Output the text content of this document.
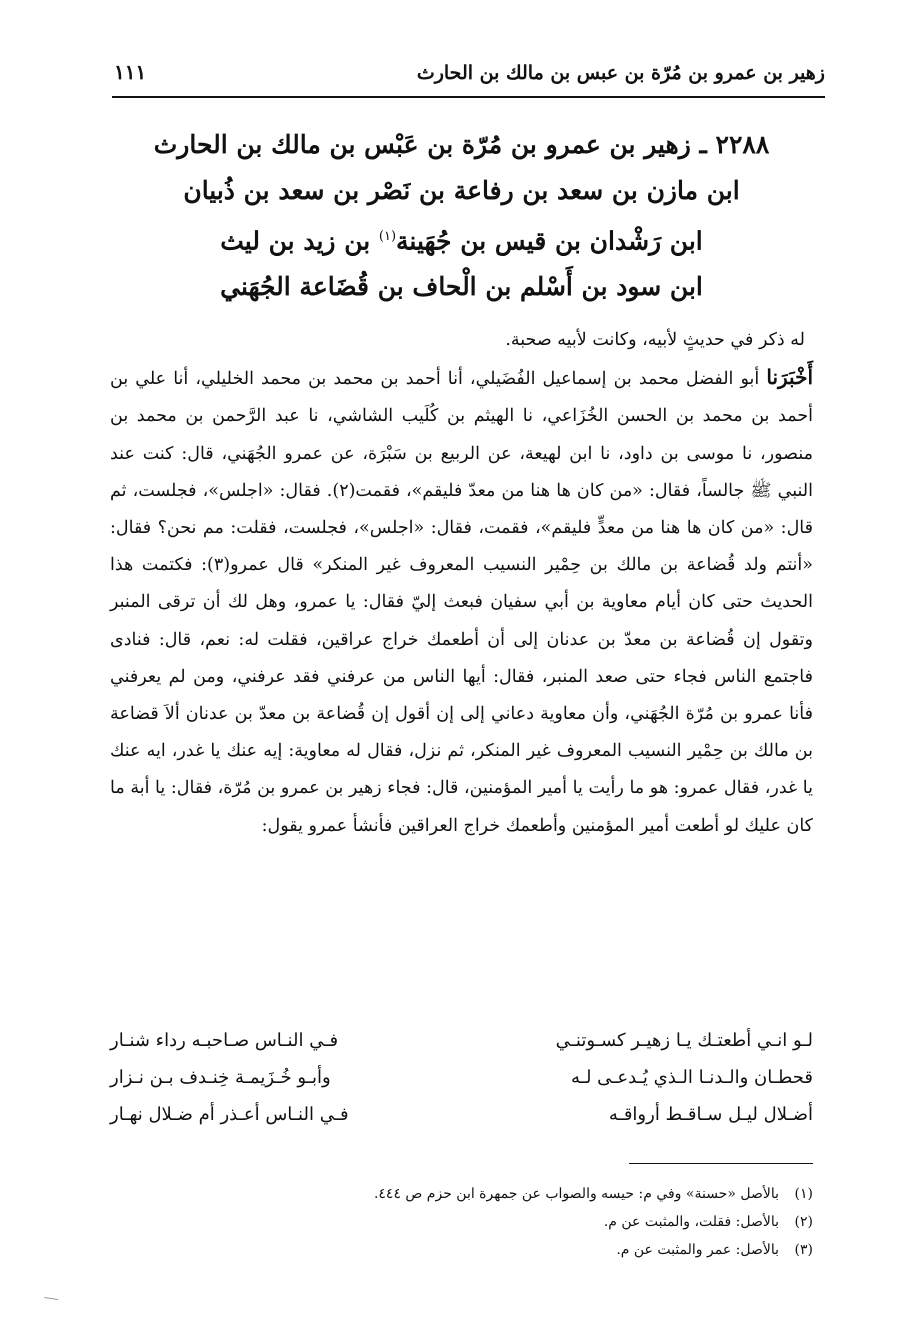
زهير بن عمرو بن مُرّة بن عبس بن مالك بن الحارث
١١١
٢٢٨٨ ـ زهير بن عمرو بن مُرّة بن عَبْس بن مالك بن الحارث
ابن مازن بن سعد بن رفاعة بن نَصْر بن سعد بن ذُبيان
ابن رَشْدان بن قيس بن جُهَينة$^{(١)}$ بن زيد بن ليث
ابن سود بن أَسْلم بن الْحاف بن قُضَاعة الجُهَني

له ذكر في حديثٍ لأبيه، وكانت لأبيه صحبة.

أَخْبَرَنا أبو الفضل محمد بن إسماعيل الفُضَيلي، أنا أحمد بن محمد بن محمد الخليلي، أنا علي بن أحمد بن محمد بن الحسن الخُزَاعي، نا الهيثم بن كُلَيب الشاشي، نا عبد الرَّحمن بن محمد بن منصور، نا موسى بن داود، نا ابن لهيعة، عن الربيع بن سَبْرَة، عن عمرو الجُهَني، قال: كنت عند النبي ﷺ جالساً، فقال: «من كان ها هنا من معدّ فليقم»، فقمت(٢). فقال: «اجلس»، فجلست، ثم قال: «من كان ها هنا من معدٍّ فليقم»، فقمت، فقال: «اجلس»، فجلست، فقلت: مم نحن؟ فقال: «أنتم ولد قُضاعة بن مالك بن حِمْير النسيب المعروف غير المنكر» قال عمرو(٣): فكتمت هذا الحديث حتى كان أيام معاوية بن أبي سفيان فبعث إليّ فقال: يا عمرو، وهل لك أن ترقى المنبر وتقول إن قُضاعة بن معدّ بن عدنان إلى أن أطعمك خراج عراقين، فقلت له: نعم، قال: فنادى فاجتمع الناس فجاء حتى صعد المنبر، فقال: أيها الناس من عرفني فقد عرفني، ومن لم يعرفني فأنا عمرو بن مُرّة الجُهَني، وأن معاوية دعاني إلى إن أقول إن قُضاعة بن معدّ بن عدنان ألاَ قضاعة بن مالك بن حِمْير النسيب المعروف غير المنكر، ثم نزل، فقال له معاوية: إيه عنك يا غدر، ايه عنك يا غدر، فقال عمرو: هو ما رأيت يا أمير المؤمنين، قال: فجاء زهير بن عمرو بن مُرّة، فقال: يا أبة ما كان عليك لو أطعت أمير المؤمنين وأطعمك خراج العراقين فأنشأ عمرو يقول:

لـو انـي أطعتـك يـا زهيـر كسـوتنـي
فـي النـاس صـاحبـه رداء شنـار
قحطـان والـدنـا الـذي يُـدعـى لـه
وأبـو خُـزَيمـة خِنـدف بـن نـزار
أضـلال ليـل سـاقـط أرواقـه
فـي النـاس أعـذر أم ضـلال نهـار
(١)بالأصل «حسنة» وفي م: حيسه والصواب عن جمهرة ابن حزم ص ٤٤٤.
(٢)بالأصل: فقلت، والمثبت عن م.
(٣)بالأصل: عمر والمثبت عن م.
